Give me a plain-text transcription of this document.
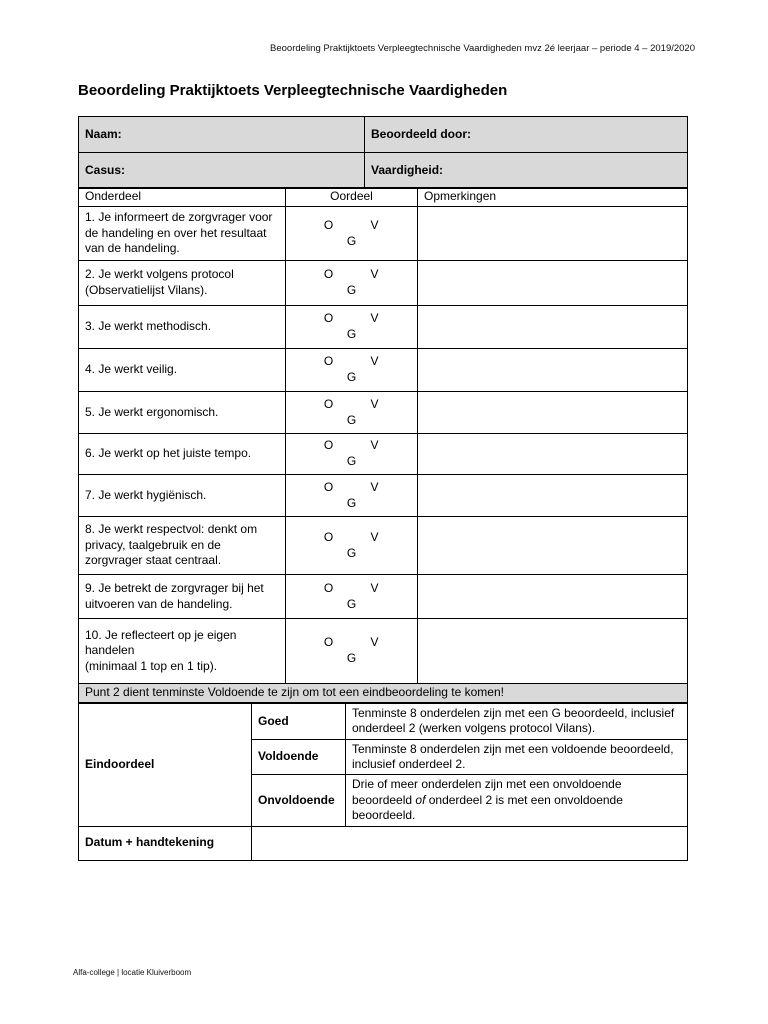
Beoordeling Praktijktoets Verpleegtechnische Vaardigheden mvz 2é leerjaar – periode 4 – 2019/2020
Beoordeling Praktijktoets Verpleegtechnische Vaardigheden
Naam:	Beoordeeld door:
Casus:	Vaardigheid:
Onderdeel	Oordeel	Opmerkingen
1. Je informeert de zorgvrager voor de handeling en over het resultaat van de handeling.	O VG	
2. Je werkt volgens protocol (Observatielijst Vilans).	O VG	
3. Je werkt methodisch.	O VG	
4. Je werkt veilig.	O VG	
5. Je werkt ergonomisch.	O VG	
6. Je werkt op het juiste tempo.	O VG	
7. Je werkt hygiënisch.	O VG	
8. Je werkt respectvol: denkt om privacy, taalgebruik en de zorgvrager staat centraal.	O VG	
9. Je betrekt de zorgvrager bij het uitvoeren van de handeling.	O VG	
10. Je reflecteert op je eigen handelen
(minimaal 1 top en 1 tip).	O VG	
Punt 2 dient tenminste Voldoende te zijn om tot een eindbeoordeling te komen!		
Eindoordeel	Goed	Tenminste 8 onderdelen zijn met een G beoordeeld, inclusief onderdeel 2 (werken volgens protocol Vilans).
	Voldoende	Tenminste 8 onderdelen zijn met een voldoende beoordeeld, inclusief onderdeel 2.
	Onvoldoende	Drie of meer onderdelen zijn met een onvoldoende beoordeeld of onderdeel 2 is met een onvoldoende beoordeeld.
Datum + handtekening		
Alfa-college | locatie Kluiverboom
